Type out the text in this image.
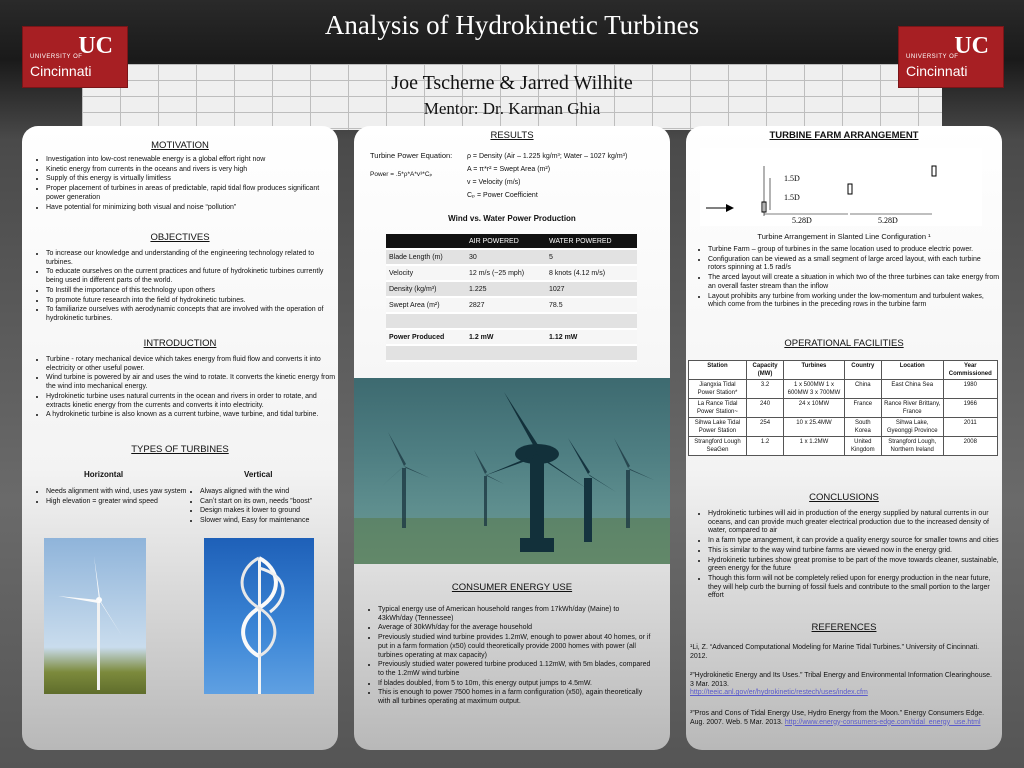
Analysis of Hydrokinetic Turbines
Joe Tscherne & Jarred Wilhite
Mentor: Dr. Karman Ghia
UC
UNIVERSITY OF
Cincinnati
UC
UNIVERSITY OF
Cincinnati
MOTIVATION
• Investigation into low-cost renewable energy is a global effort right now
• Kinetic energy from currents in the oceans and rivers is very high
• Supply of this energy is virtually limitless
• Proper placement of turbines in areas of predictable, rapid tidal flow produces significant power generation
• Have potential for minimizing both visual and noise “pollution”
OBJECTIVES
• To increase our knowledge and understanding of the engineering technology related to turbines.
• To educate ourselves on the current practices and future of hydrokinetic turbines currently being used in different parts of the world.
• To Instill the importance of this technology upon others
• To promote future research into the field of hydrokinetic turbines.
• To familiarize ourselves with aerodynamic concepts that are involved with the operation of hydrokinetic turbines.
INTRODUCTION
• Turbine - rotary mechanical device which takes energy from fluid flow and converts it into electricity or other useful power.
• Wind turbine is powered by air and uses the wind to rotate. It converts the kinetic energy from the wind into mechanical energy.
• Hydrokinetic turbine uses natural currents in the ocean and rivers in order to rotate, and extracts kinetic energy from the currents and converts it into electricity.
• A hydrokinetic turbine is also known as a current turbine, wave turbine, and tidal turbine.
TYPES OF TURBINES
Horizontal	Vertical
• Needs alignment with wind, uses yaw system
• High elevation = greater wind speed
• Always aligned with the wind
• Canʼt start on its own, needs ”boost”
• Design makes it lower to ground
• Slower wind, Easy for maintenance
RESULTS
Turbine Power Equation:
Power = .5*ρ*A*v³*Cₚ
ρ = Density (Air – 1.225 kg/m³; Water – 1027 kg/m³)
A = π*r² = Swept Area (m²)
v = Velocity (m/s)
Cₚ = Power Coefficient
Wind vs. Water Power Production
	AIR POWERED	WATER POWERED
Blade Length (m)	30	5
Velocity	12 m/s (~25 mph)	8 knots (4.12 m/s)
Density (kg/m³)	1.225	1027
Swept Area (m²)	2827	78.5

Power Produced	1.2 mW	1.12 mW

CONSUMER ENERGY USE
• Typical energy use of American household ranges from 17kWh/day (Maine) to 43kWh/day (Tennessee)
• Average of 30kWh/day for the average household
• Previously studied wind turbine provides 1.2mW, enough to power about 40 homes, or if put in a farm formation (x50) could theoretically provide 2000 homes with power (all turbines operating at max capacity)
• Previously studied water powered turbine produced 1.12mW, with 5m blades, compared to the 1.2mW wind turbine
• If blades doubled, from 5 to 10m, this energy output jumps to 4.5mW.
• This is enough to power 7500 homes in a farm configuration (x50), again theoretically with all turbines operating at maximum output.
TURBINE FARM ARRANGEMENT
1.5D
1.5D
5.28D	5.28D
Turbine Arrangement in Slanted Line Configuration ¹
• Turbine Farm – group of turbines in the same location used to produce electric power.
• Configuration can be viewed as a small segment of large arced layout, with each turbine rotors spinning at 1.5 rad/s
• The arced layout will create a situation in which two of the three turbines can take energy from an overall faster stream than the inflow
• Layout prohibits any turbine from working under the low-momentum and turbulent wakes, which come from the turbines in the preceding rows in the turbine farm
OPERATIONAL FACILITIES
Station	Capacity (MW)	Turbines	Country	Location	Year Commissioned
Jiangxia Tidal Power Station*	3.2	1 x 500MW 1 x 600MW 3 x 700MW	China	East China Sea	1980
La Rance Tidal Power Station~	240	24 x 10MW	France	Rance River Brittany, France	1966
Sihwa Lake Tidal Power Station	254	10 x 25.4MW	South Korea	Sihwa Lake, Gyeonggi Province	2011
Strangford Lough SeaGen	1.2	1 x 1.2MW	United Kingdom	Strangford Lough, Northern Ireland	2008
CONCLUSIONS
• Hydrokinetic turbines will aid in production of the energy supplied by natural currents in our oceans, and can provide much greater electrical production due to the increased density of water, compared to air
• In a farm type arrangement, it can provide a quality energy source for smaller towns and cities
• This is similar to the way wind turbine farms are viewed now in the energy grid.
• Hydrokinetic turbines show great promise to be part of the move towards cleaner, sustainable, green energy for the future
• Though this form will not be completely relied upon for energy production in the near future, they will help curb the burning of fossil fuels and contribute to the small portion to the larger effort
REFERENCES
¹Li, Z. “Advanced Computational Modeling for Marine Tidal Turbines.” University of Cincinnati. 2012.
²”Hydrokinetic Energy and Its Uses.” Tribal Energy and Environmental Information Clearinghouse. 3 Mar. 2013.
http://teeic.anl.gov/er/hydrokinetic/restech/uses/index.cfm
³”Pros and Cons of Tidal Energy Use, Hydro Energy from the Moon.” Energy Consumers Edge. Aug. 2007. Web. 5 Mar. 2013. http://www.energy-consumers-edge.com/tidal_energy_use.html
